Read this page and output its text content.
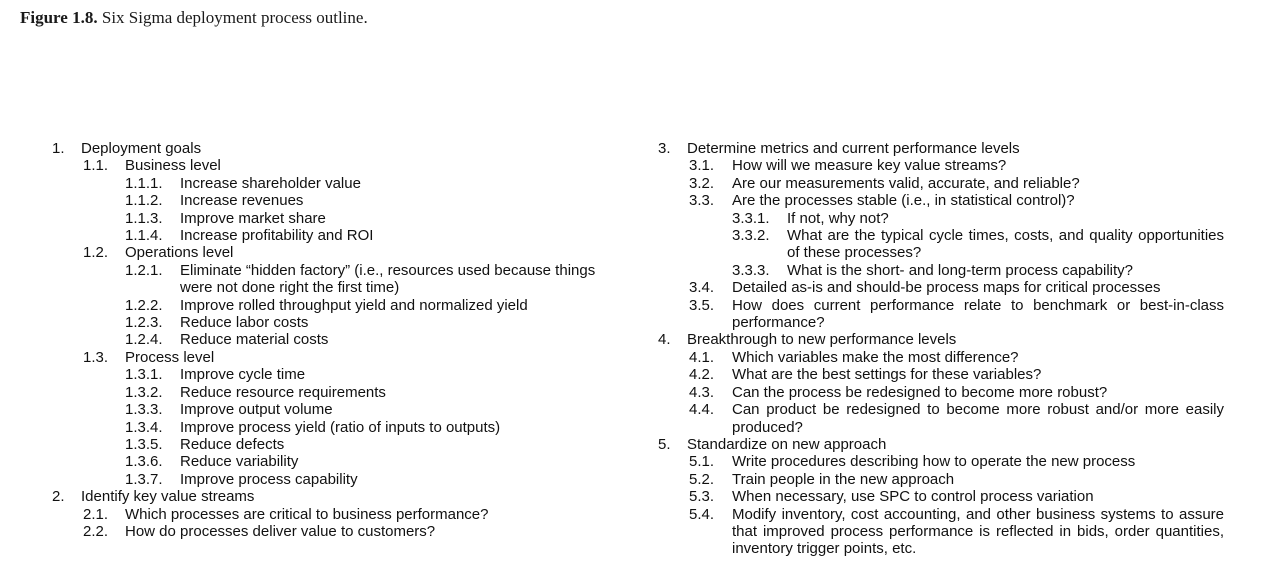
Figure 1.8. Six Sigma deployment process outline.
1. Deployment goals
1.1. Business level
1.1.1. Increase shareholder value
1.1.2. Increase revenues
1.1.3. Improve market share
1.1.4. Increase profitability and ROI
1.2. Operations level
1.2.1. Eliminate “hidden factory” (i.e., resources used because things were not done right the first time)
1.2.2. Improve rolled throughput yield and normalized yield
1.2.3. Reduce labor costs
1.2.4. Reduce material costs
1.3. Process level
1.3.1. Improve cycle time
1.3.2. Reduce resource requirements
1.3.3. Improve output volume
1.3.4. Improve process yield (ratio of inputs to outputs)
1.3.5. Reduce defects
1.3.6. Reduce variability
1.3.7. Improve process capability
2. Identify key value streams
2.1. Which processes are critical to business performance?
2.2. How do processes deliver value to customers?
3. Determine metrics and current performance levels
3.1. How will we measure key value streams?
3.2. Are our measurements valid, accurate, and reliable?
3.3. Are the processes stable (i.e., in statistical control)?
3.3.1. If not, why not?
3.3.2. What are the typical cycle times, costs, and quality opportunities of these processes?
3.3.3. What is the short- and long-term process capability?
3.4. Detailed as-is and should-be process maps for critical processes
3.5. How does current performance relate to benchmark or best-in-class performance?
4. Breakthrough to new performance levels
4.1. Which variables make the most difference?
4.2. What are the best settings for these variables?
4.3. Can the process be redesigned to become more robust?
4.4. Can product be redesigned to become more robust and/or more easily produced?
5. Standardize on new approach
5.1. Write procedures describing how to operate the new process
5.2. Train people in the new approach
5.3. When necessary, use SPC to control process variation
5.4. Modify inventory, cost accounting, and other business systems to assure that improved process performance is reflected in bids, order quantities, inventory trigger points, etc.
